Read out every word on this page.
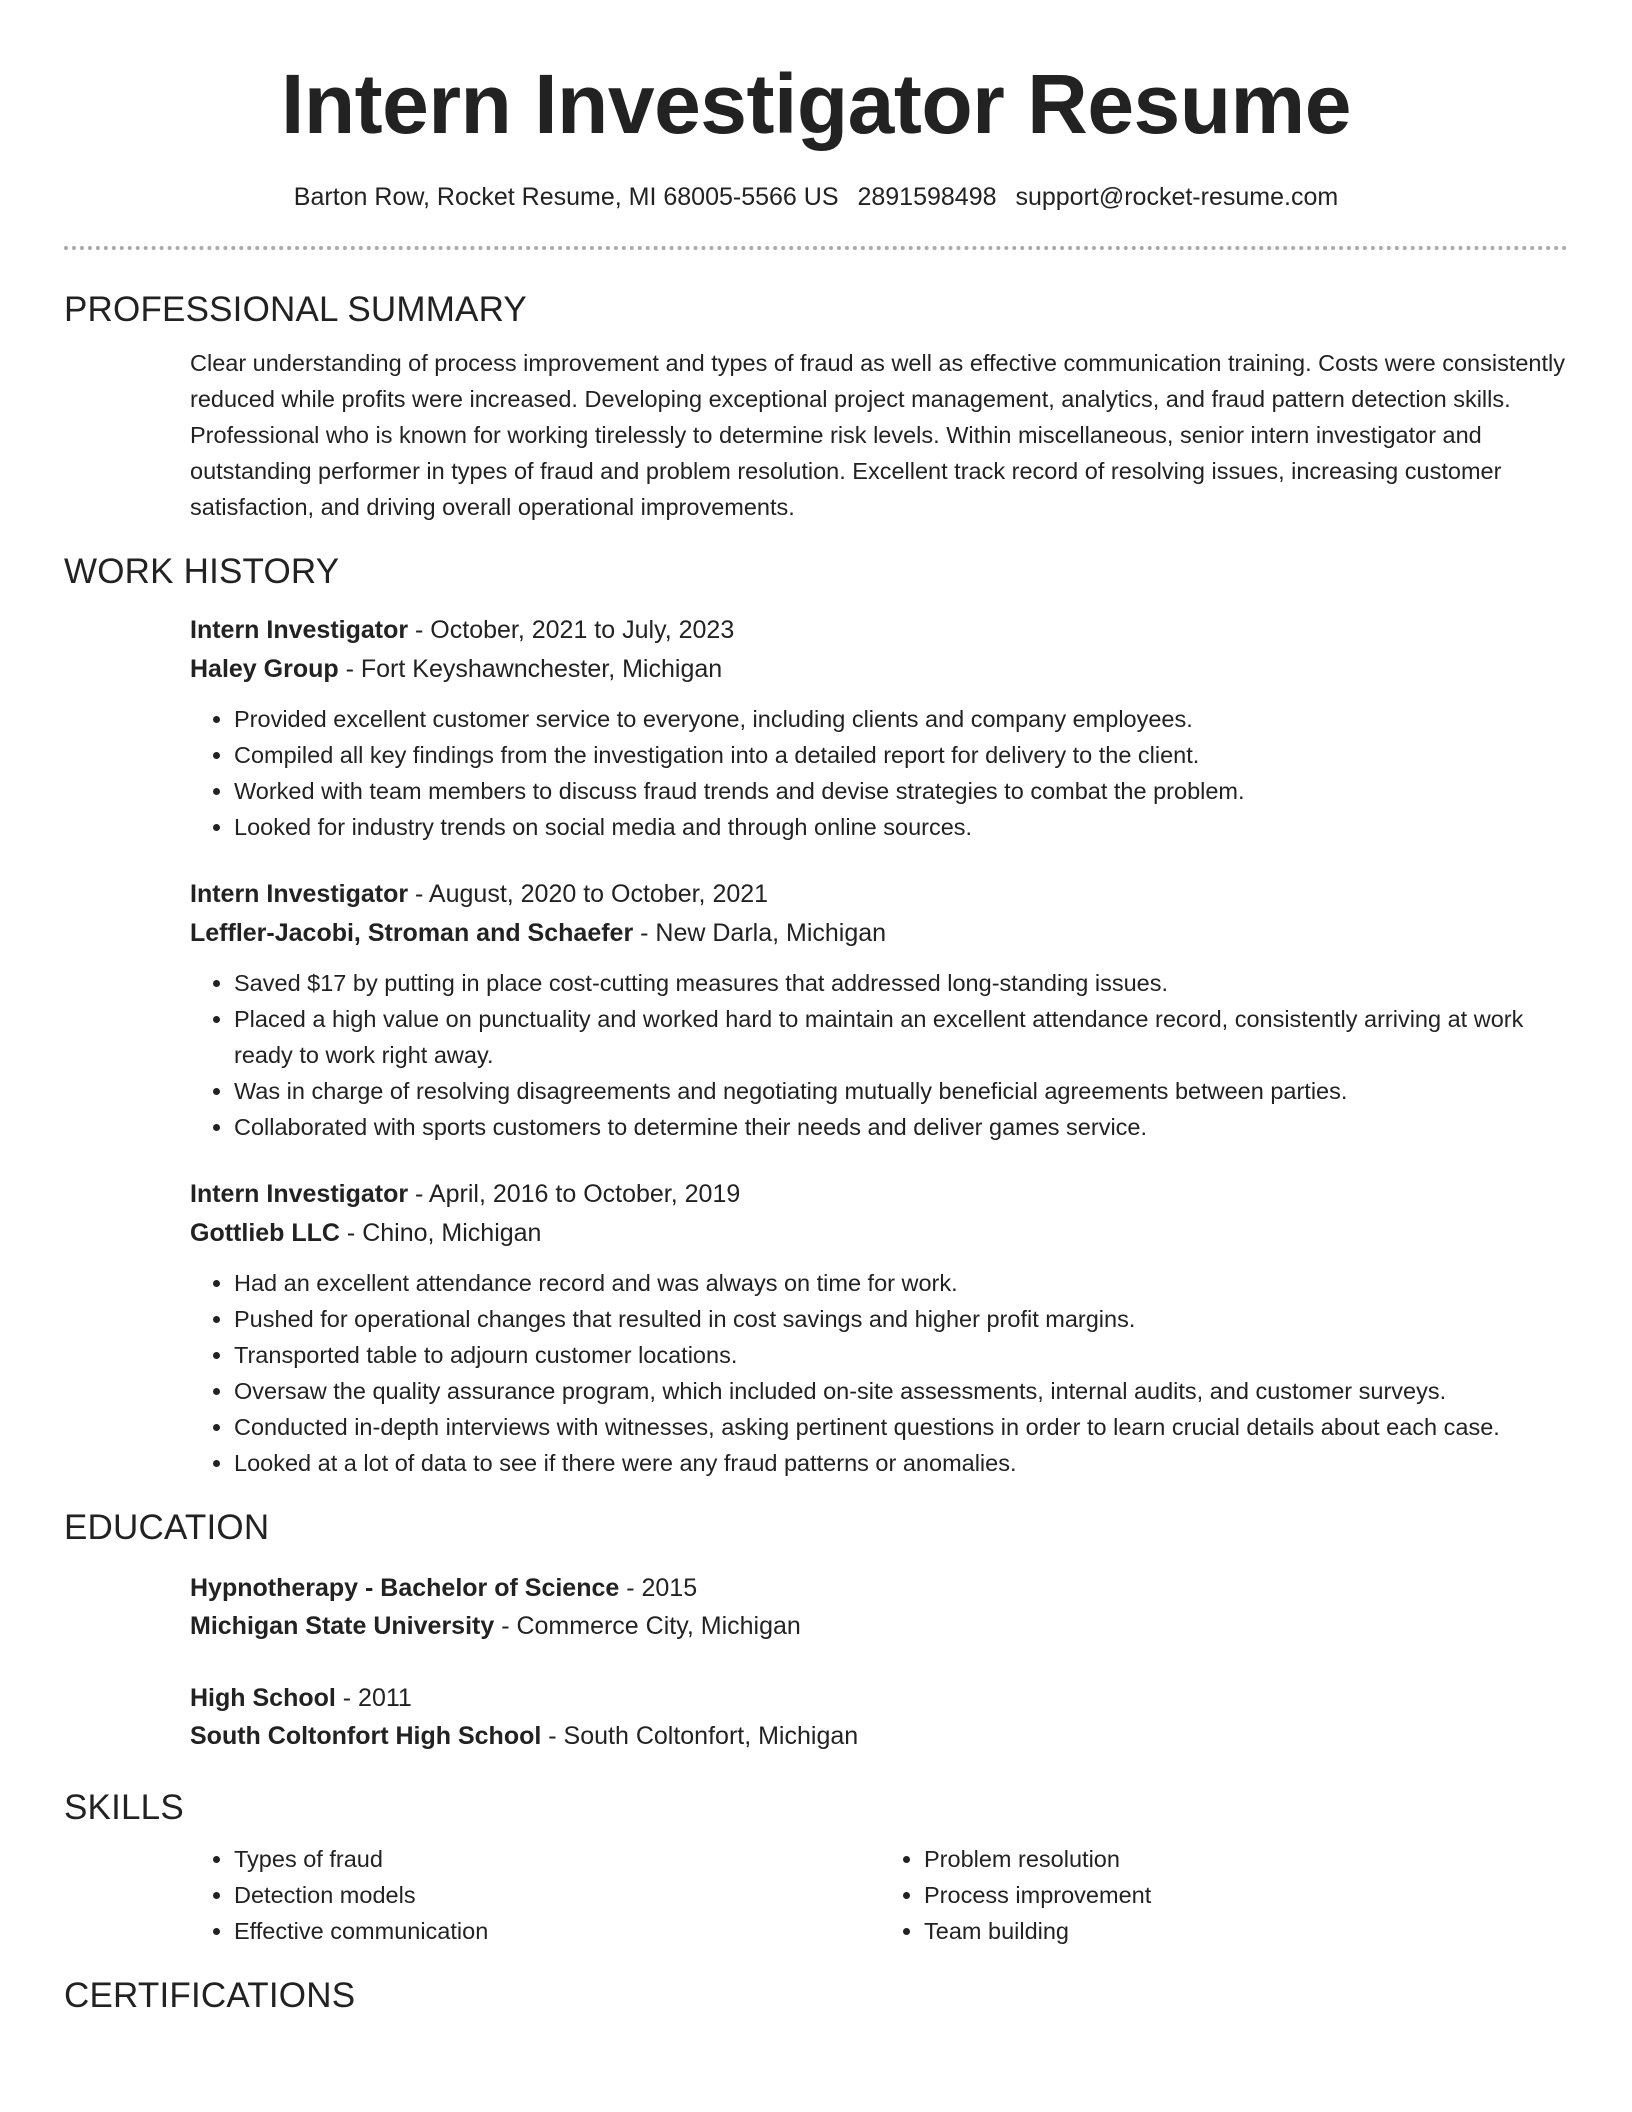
Intern Investigator Resume
Barton Row, Rocket Resume, MI 68005-5566 US 2891598498 support@rocket-resume.com
PROFESSIONAL SUMMARY
Clear understanding of process improvement and types of fraud as well as effective communication training. Costs were consistently reduced while profits were increased. Developing exceptional project management, analytics, and fraud pattern detection skills. Professional who is known for working tirelessly to determine risk levels. Within miscellaneous, senior intern investigator and outstanding performer in types of fraud and problem resolution. Excellent track record of resolving issues, increasing customer satisfaction, and driving overall operational improvements.
WORK HISTORY
Intern Investigator - October, 2021 to July, 2023
Haley Group - Fort Keyshawnchester, Michigan
• Provided excellent customer service to everyone, including clients and company employees.
• Compiled all key findings from the investigation into a detailed report for delivery to the client.
• Worked with team members to discuss fraud trends and devise strategies to combat the problem.
• Looked for industry trends on social media and through online sources.
Intern Investigator - August, 2020 to October, 2021
Leffler-Jacobi, Stroman and Schaefer - New Darla, Michigan
• Saved $17 by putting in place cost-cutting measures that addressed long-standing issues.
• Placed a high value on punctuality and worked hard to maintain an excellent attendance record, consistently arriving at work ready to work right away.
• Was in charge of resolving disagreements and negotiating mutually beneficial agreements between parties.
• Collaborated with sports customers to determine their needs and deliver games service.
Intern Investigator - April, 2016 to October, 2019
Gottlieb LLC - Chino, Michigan
• Had an excellent attendance record and was always on time for work.
• Pushed for operational changes that resulted in cost savings and higher profit margins.
• Transported table to adjourn customer locations.
• Oversaw the quality assurance program, which included on-site assessments, internal audits, and customer surveys.
• Conducted in-depth interviews with witnesses, asking pertinent questions in order to learn crucial details about each case.
• Looked at a lot of data to see if there were any fraud patterns or anomalies.
EDUCATION
Hypnotherapy - Bachelor of Science - 2015
Michigan State University - Commerce City, Michigan
High School - 2011
South Coltonfort High School - South Coltonfort, Michigan
SKILLS
• Types of fraud
• Detection models
• Effective communication
• Problem resolution
• Process improvement
• Team building
CERTIFICATIONS
